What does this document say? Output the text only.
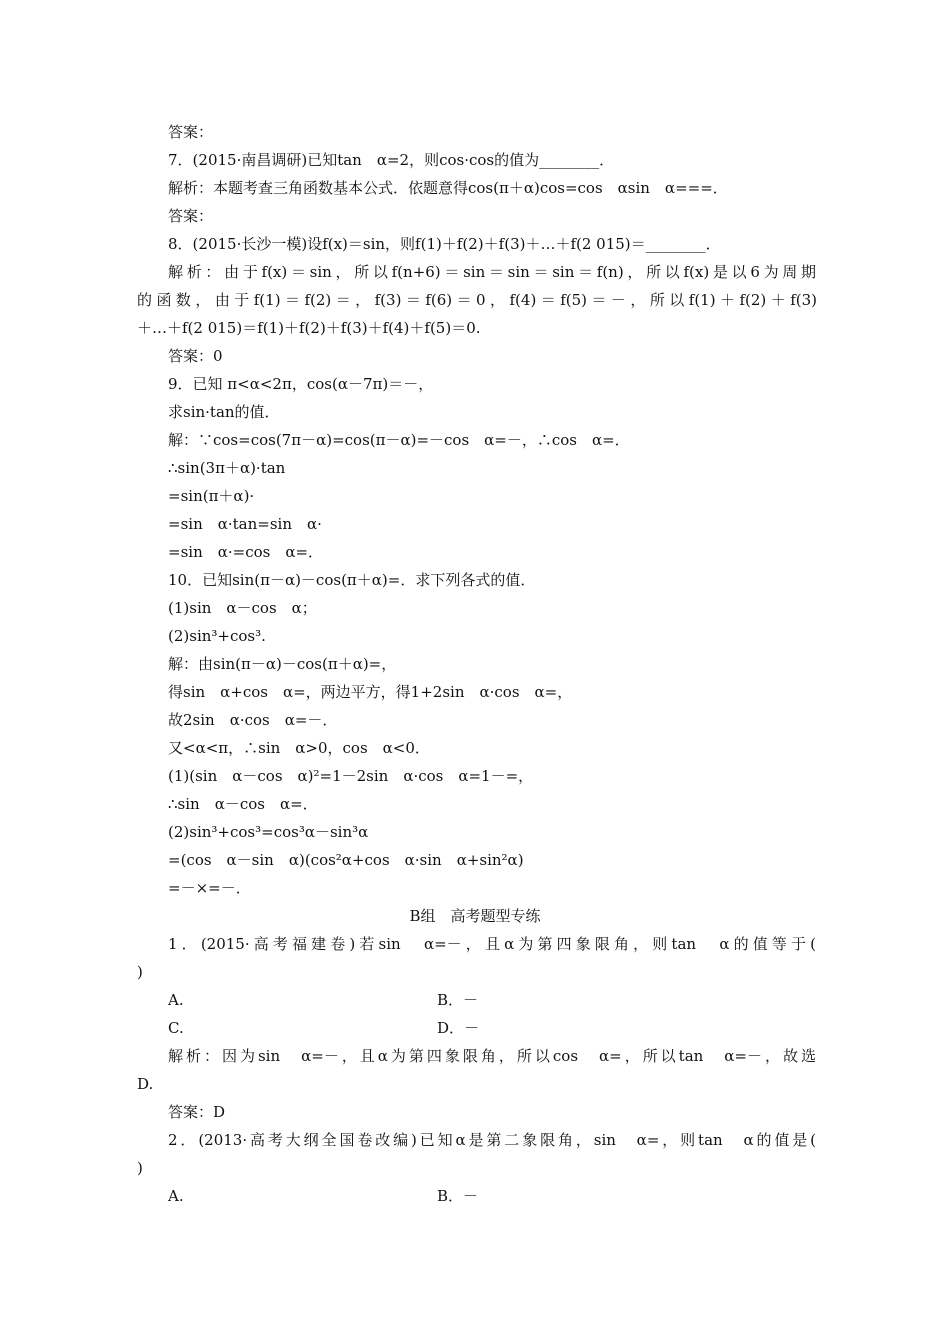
答案：
7．(2015·南昌调研)已知tan　α=2，则cos·cos的值为________．
解析：本题考查三角函数基本公式．依题意得cos(π＋α)cos=cos　αsin　α===．
答案：
8．(2015·长沙一模)设f(x)＝sin，则f(1)＋f(2)＋f(3)＋…＋f(2 015)＝________．
解析：由于f(x)＝sin，所以f(n+6)＝sin＝sin＝sin＝f(n)，所以f(x)是以6为周期
的函数，由于f(1)＝f(2)＝，f(3)＝f(6)＝0，f(4)＝f(5)＝－，所以f(1)＋f(2)＋f(3)
＋…＋f(2 015)＝f(1)＋f(2)＋f(3)＋f(4)＋f(5)＝0.
答案：0
9．已知 π<α<2π，cos(α－7π)＝－，
求sin·tan的值．
解：∵cos=cos(7π－α)=cos(π－α)=－cos　α=－，∴cos　α=．
∴sin(3π＋α)·tan
=sin(π＋α)·
=sin　α·tan=sin　α·
=sin　α·=cos　α=．
10．已知sin(π－α)－cos(π＋α)=．求下列各式的值．
(1)sin　α－cos　α；
(2)sin³+cos³.
解：由sin(π－α)－cos(π＋α)=，
得sin　α+cos　α=，两边平方，得1+2sin　α·cos　α=，
故2sin　α·cos　α=－．
又<α<π，∴sin　α>0，cos　α<0．
(1)(sin　α－cos　α)²=1－2sin　α·cos　α=1－=，
∴sin　α－cos　α=．
(2)sin³+cos³=cos³α－sin³α
=(cos　α－sin　α)(cos²α+cos　α·sin　α+sin²α)
=－×=－．
B组　高考题型专练
1．(2015·高考福建卷)若sin　α=－，且α为第四象限角，则tan　α的值等于(
)
A.	B．－
C.	D．－
解析：因为sin　α=－，且α为第四象限角，所以cos　α=，所以tan　α=－，故选
D.
答案：D
2．(2013·高考大纲全国卷改编)已知α是第二象限角，sin　α=，则tan　α的值是(
)
A.	B．－
